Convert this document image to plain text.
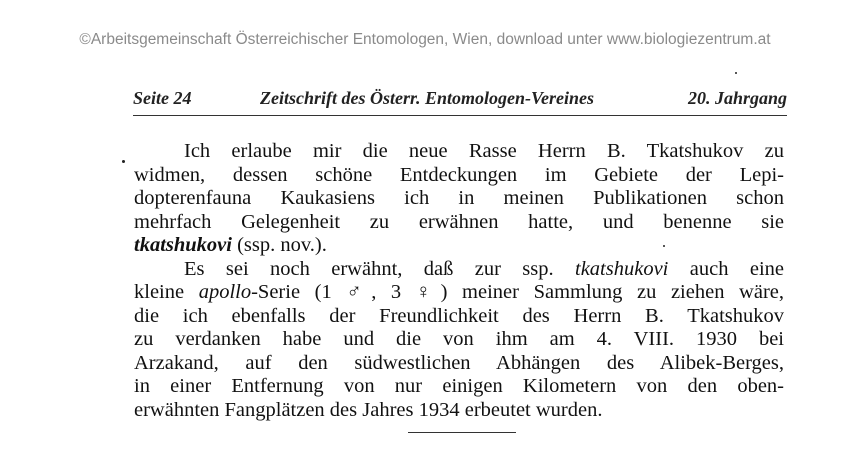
©Arbeitsgemeinschaft Österreichischer Entomologen, Wien, download unter www.biologiezentrum.at
Seite 24	Zeitschrift des Österr. Entomologen-Vereines	20. Jahrgang
Ich erlaube mir die neue Rasse Herrn B. Tkatshukov zu
widmen, dessen schöne Entdeckungen im Gebiete der Lepi-
dopterenfauna Kaukasiens ich in meinen Publikationen schon
mehrfach Gelegenheit zu erwähnen hatte, und benenne sie
tkatshukovi (ssp. nov.).
Es sei noch erwähnt, daß zur ssp. tkatshukovi auch eine
kleine apollo-Serie (1 ♂, 3 ♀) meiner Sammlung zu ziehen wäre,
die ich ebenfalls der Freundlichkeit des Herrn B. Tkatshukov
zu verdanken habe und die von ihm am 4. VIII. 1930 bei
Arzakand, auf den südwestlichen Abhängen des Alibek-Berges,
in einer Entfernung von nur einigen Kilometern von den oben-
erwähnten Fangplätzen des Jahres 1934 erbeutet wurden.
